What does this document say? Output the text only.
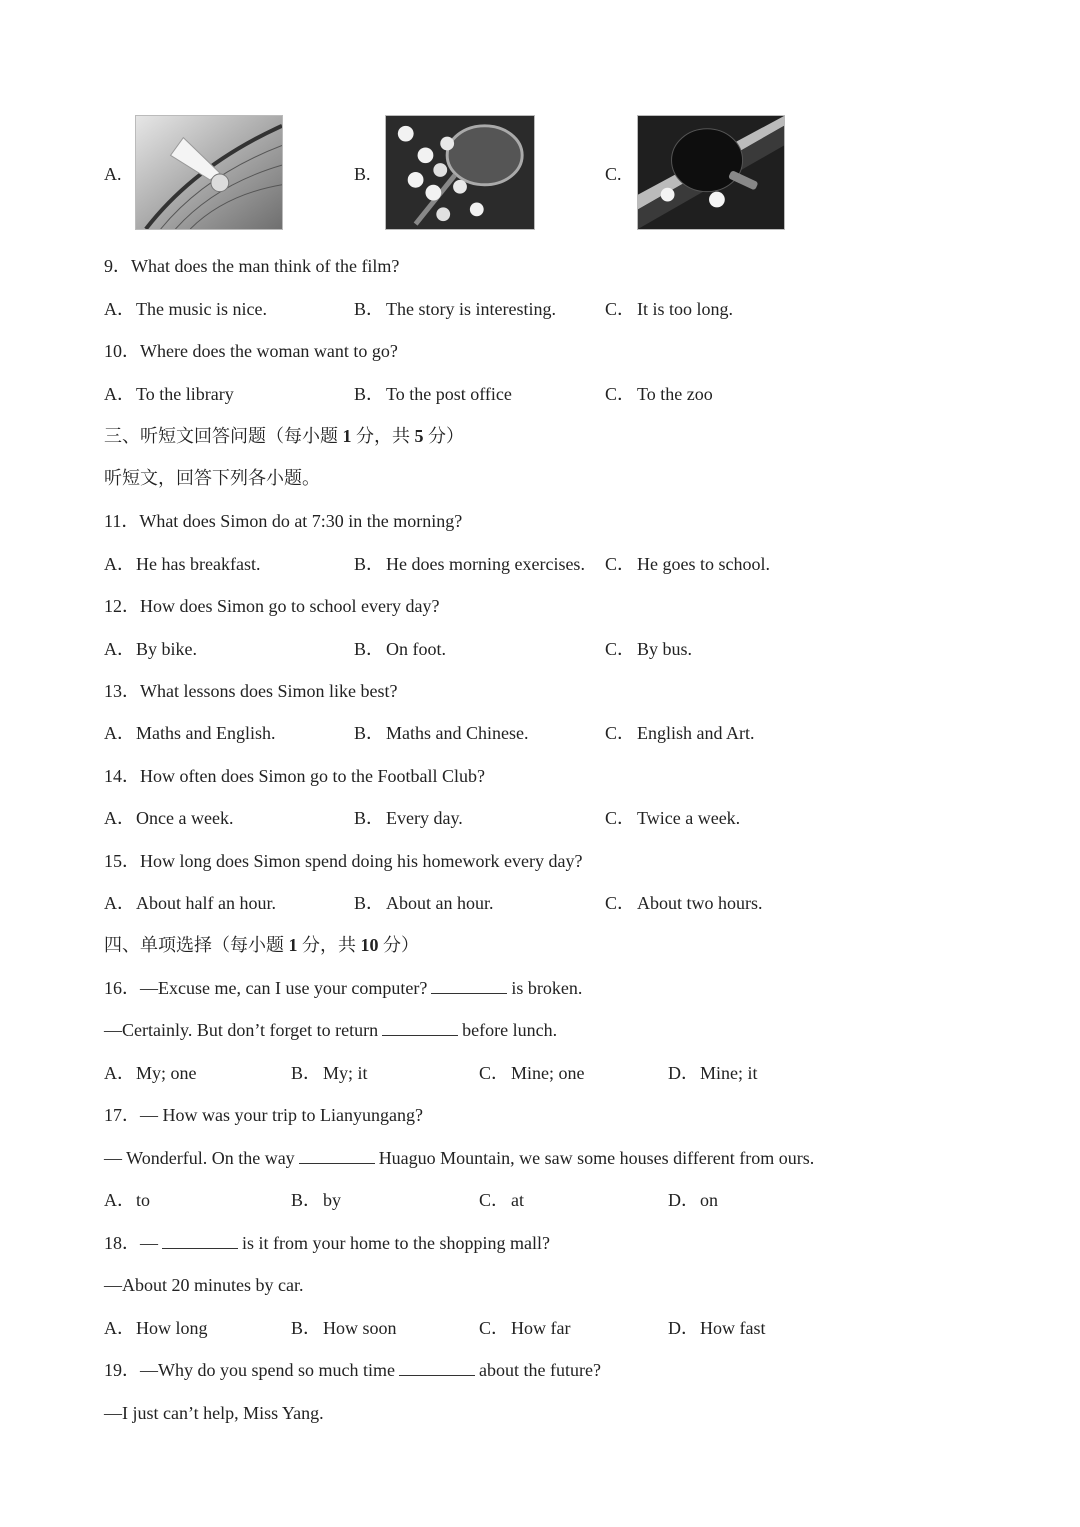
A.	B.	C.
9．What does the man think of the film?
A．The music is nice.	B． The story is interesting.	C． It is too long.
10．Where does the woman want to go?
A．To the library	B． To the post office	C． To the zoo
三、听短文回答问题（每小题 1 分，共 5 分）
听短文，回答下列各小题。
11．What does Simon do at 7:30 in the morning?
A．He has breakfast.	B． He does morning exercises. C． He goes to school.
12．How does Simon go to school every day?
A．By bike.	B． On foot.	C． By bus.
13．What lessons does Simon like best?
A．Maths and English.	B． Maths and Chinese.	C． English and Art.
14．How often does Simon go to the Football Club?
A．Once a week.	B． Every day.	C． Twice a week.
15．How long does Simon spend doing his homework every day?
A．About half an hour.	B． About an hour.	C． About two hours.
四、单项选择（每小题 1 分，共 10 分）
16．—Excuse me, can I use your computer?	is broken.
—Certainly. But don’t forget to return	before lunch.
A．My; one	B． My; it	C． Mine; one	D．Mine; it
17．— How was your trip to Lianyungang?
— Wonderful. On the way	Huaguo Mountain, we saw some houses different from ours.
A．to	B． by	C． at	D．on
18．—	is it from your home to the shopping mall?
—About 20 minutes by car.
A．How long	B． How soon	C． How far	D．How fast
19．—Why do you spend so much time	about the future?
—I just can’t help, Miss Yang.
